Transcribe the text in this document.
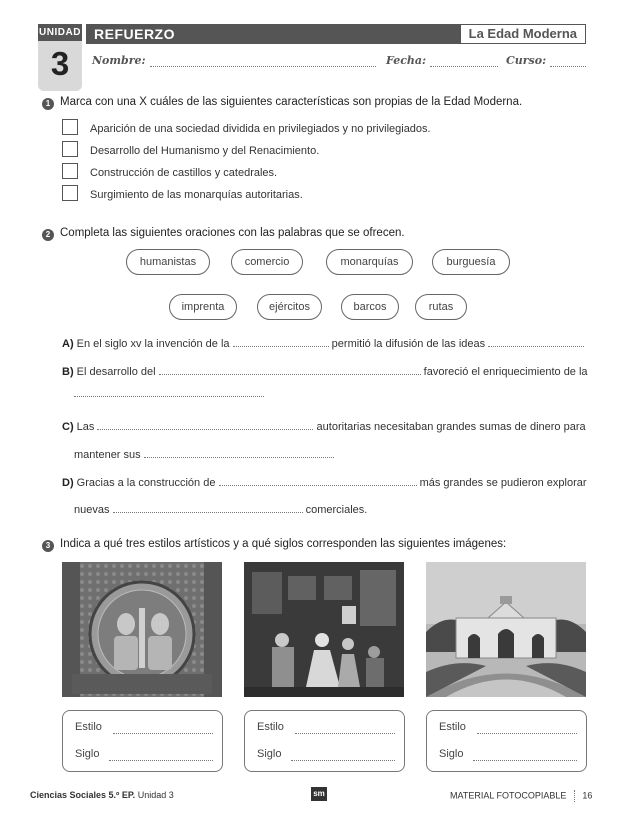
UNIDAD
3
REFUERZO	La Edad Moderna
Nombre:	Fecha:	Curso:
1 Marca con una X cuáles de las siguientes características son propias de la Edad Moderna.
Aparición de una sociedad dividida en privilegiados y no privilegiados.
Desarrollo del Humanismo y del Renacimiento.
Construcción de castillos y catedrales.
Surgimiento de las monarquías autoritarias.
2 Completa las siguientes oraciones con las palabras que se ofrecen.
humanistas	comercio	monarquías	burguesía
imprenta	ejércitos	barcos	rutas
A) En el siglo xv la invención de la	permitió la difusión de las ideas
B) El desarrollo del	favoreció el enriquecimiento de la
C) Las	autoritarias necesitaban grandes sumas de dinero para
mantener sus
D) Gracias a la construcción de	más grandes se pudieron explorar
nuevas	comerciales.
3 Indica a qué tres estilos artísticos y a qué siglos corresponden las siguientes imágenes:
Estilo
Siglo
Estilo
Siglo
Estilo
Siglo
Ciencias Sociales 5.º EP. Unidad 3	sm	MATERIAL FOTOCOPIABLE 16
